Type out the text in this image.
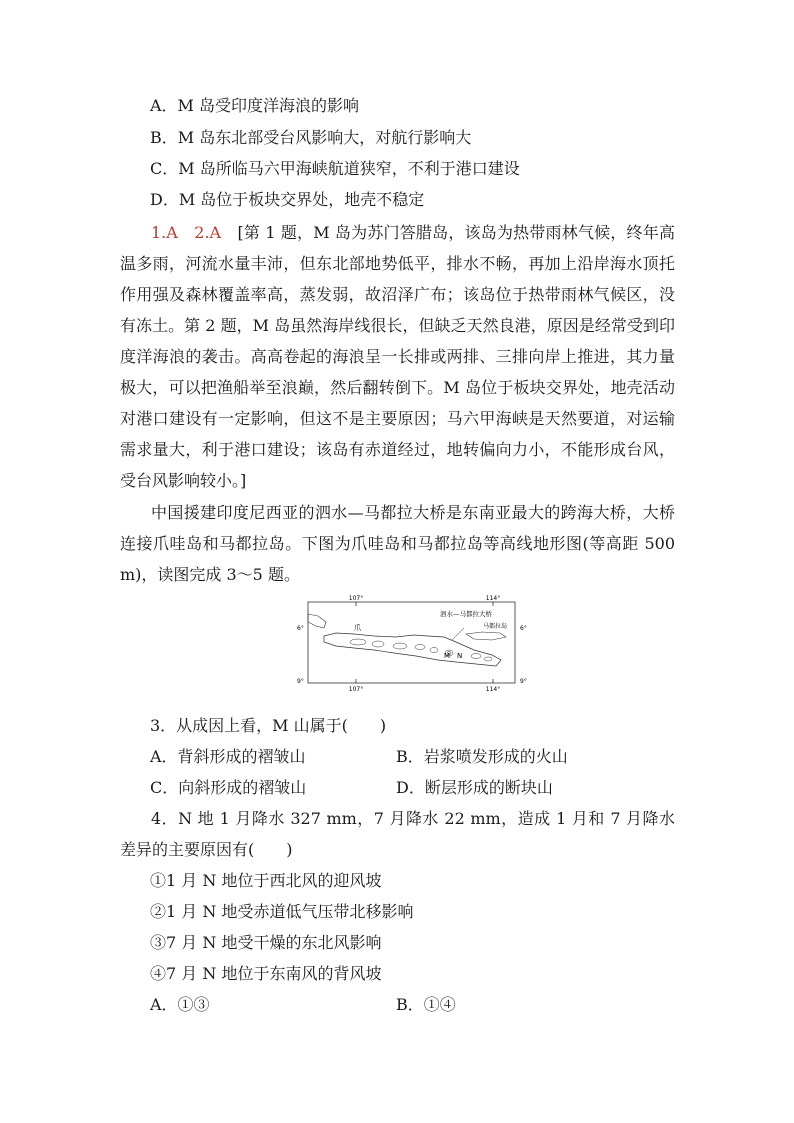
A．M 岛受印度洋海浪的影响
B．M 岛东北部受台风影响大，对航行影响大
C．M 岛所临马六甲海峡航道狭窄，不利于港口建设
D．M 岛位于板块交界处，地壳不稳定
1.A　2.A　 [第 1 题，M 岛为苏门答腊岛，该岛为热带雨林气候，终年高温多雨，河流水量丰沛，但东北部地势低平，排水不畅，再加上沿岸海水顶托作用强及森林覆盖率高，蒸发弱，故沼泽广布；该岛位于热带雨林气候区，没有冻土。第 2 题，M 岛虽然海岸线很长，但缺乏天然良港，原因是经常受到印度洋海浪的袭击。高高卷起的海浪呈一长排或两排、三排向岸上推进，其力量极大，可以把渔船举至浪巅，然后翻转倒下。M 岛位于板块交界处，地壳活动对港口建设有一定影响，但这不是主要原因；马六甲海峡是天然要道，对运输需求量大，利于港口建设；该岛有赤道经过，地转偏向力小，不能形成台风，受台风影响较小。]
中国援建印度尼西亚的泗水—马都拉大桥是东南亚最大的跨海大桥，大桥连接爪哇岛和马都拉岛。下图为爪哇岛和马都拉岛等高线地形图(等高距 500 m)，读图完成 3～5 题。
107°	114°
107°	114°
6°	6°
9°	9°
泗水—马都拉大桥
马都拉岛
爪
M N
3．从成因上看，M 山属于(　　)
A．背斜形成的褶皱山	B．岩浆喷发形成的火山
C．向斜形成的褶皱山	D．断层形成的断块山
4．N 地 1 月降水 327 mm，7 月降水 22 mm，造成 1 月和 7 月降水差异的主要原因有(　　)
①1 月 N 地位于西北风的迎风坡
②1 月 N 地受赤道低气压带北移影响
③7 月 N 地受干燥的东北风影响
④7 月 N 地位于东南风的背风坡
A．①③	B．①④
